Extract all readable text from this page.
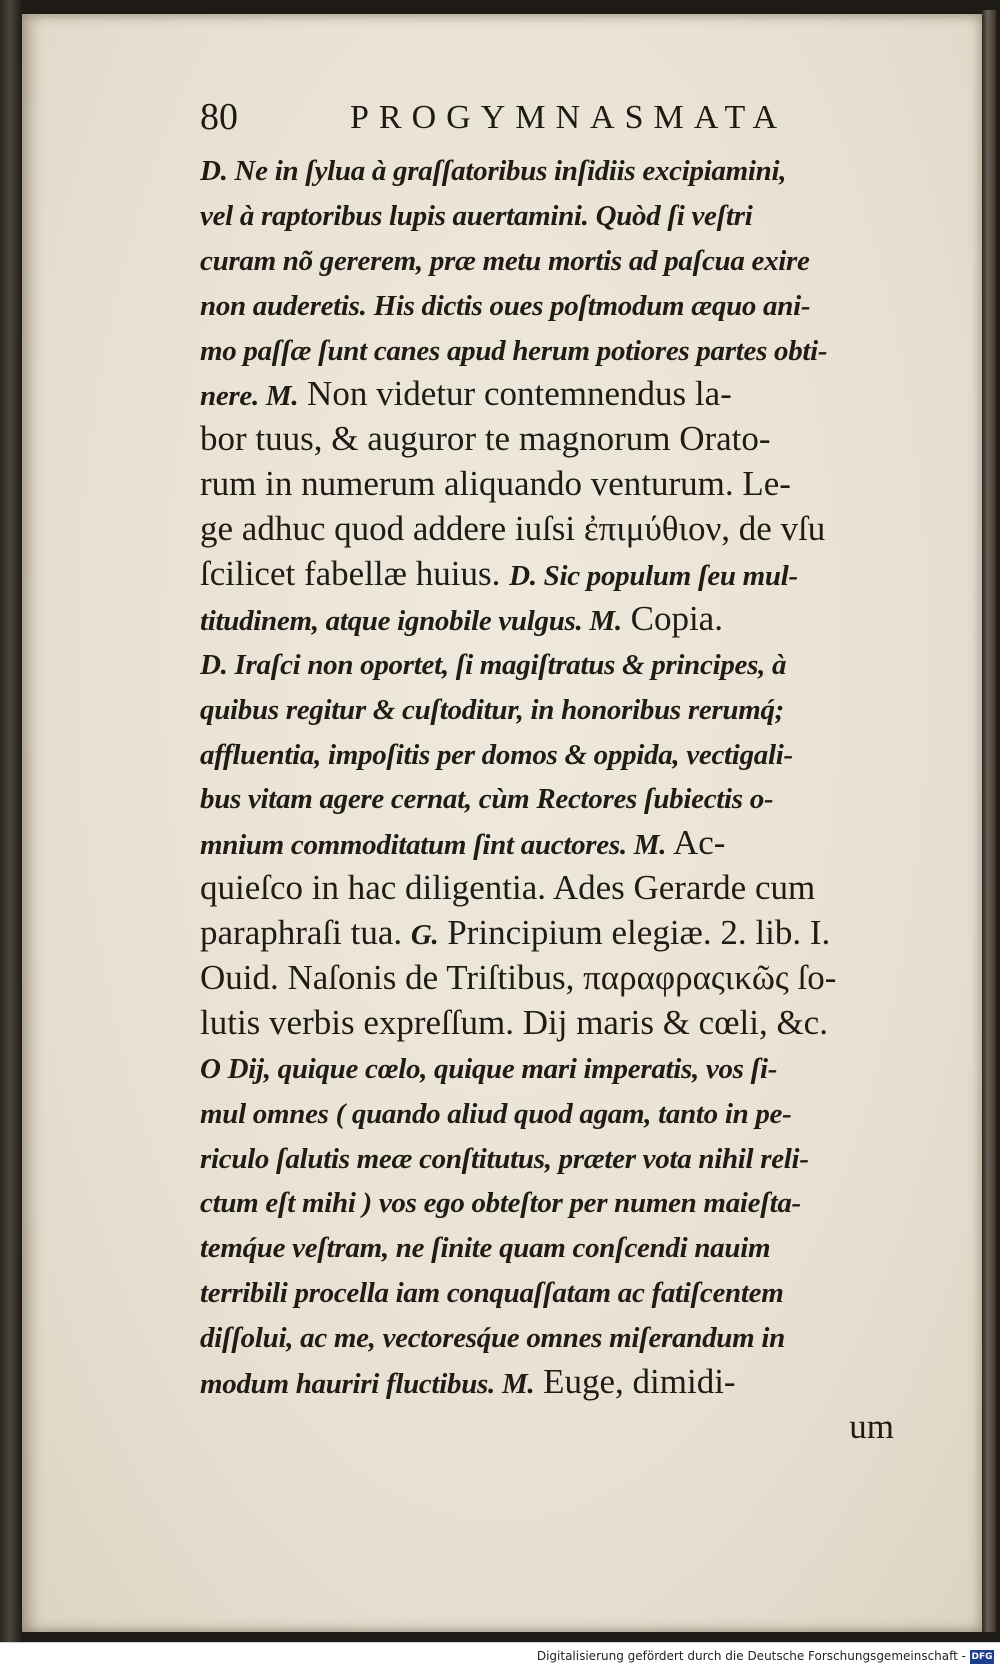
80	PROGYMNASMATA
D. Ne in ſylua à graſſatoribus inſidiis excipiamini,
vel à raptoribus lupis auertamini. Quòd ſi veſtri
curam nõ gererem, præ metu mortis ad paſcua exire
non auderetis. His dictis oues poſtmodum æquo ani-
mo paſſæ ſunt canes apud herum potiores partes obti-
nere. M. Non videtur contemnendus la-
bor tuus, & auguror te magnorum Orato-
rum in numerum aliquando venturum. Le-
ge adhuc quod addere iuſsi ἐπιμύθιον, de vſu
ſcilicet fabellæ huius. D. Sic populum ſeu mul-
titudinem, atque ignobile vulgus. M. Copia.
D. Iraſci non oportet, ſi magiſtratus & principes, à
quibus regitur & cuſtoditur, in honoribus rerumq́;
affluentia, impoſitis per domos & oppida, vectigali-
bus vitam agere cernat, cùm Rectores ſubiectis o-
mnium commoditatum ſint auctores. M. Ac-
quieſco in hac diligentia. Ades Gerarde cum
paraphraſi tua. G. Principium elegiæ. 2. lib. I.
Ouid. Naſonis de Triſtibus, παραφραςικῶς ſo-
lutis verbis expreſſum. Dij maris & cœli, &c.
O Dij, quique cœlo, quique mari imperatis, vos ſi-
mul omnes ( quando aliud quod agam, tanto in pe-
riculo ſalutis meæ conſtitutus, præter vota nihil reli-
ctum eſt mihi ) vos ego obteſtor per numen maieſta-
temq́ue veſtram, ne ſinite quam conſcendi nauim
terribili procella iam conquaſſatam ac fatiſcentem
diſſolui, ac me, vectoresq́ue omnes miſerandum in
modum hauriri fluctibus. M. Euge, dimidi-
um
Digitalisierung gefördert durch die Deutsche Forschungsgemeinschaft - DFG
